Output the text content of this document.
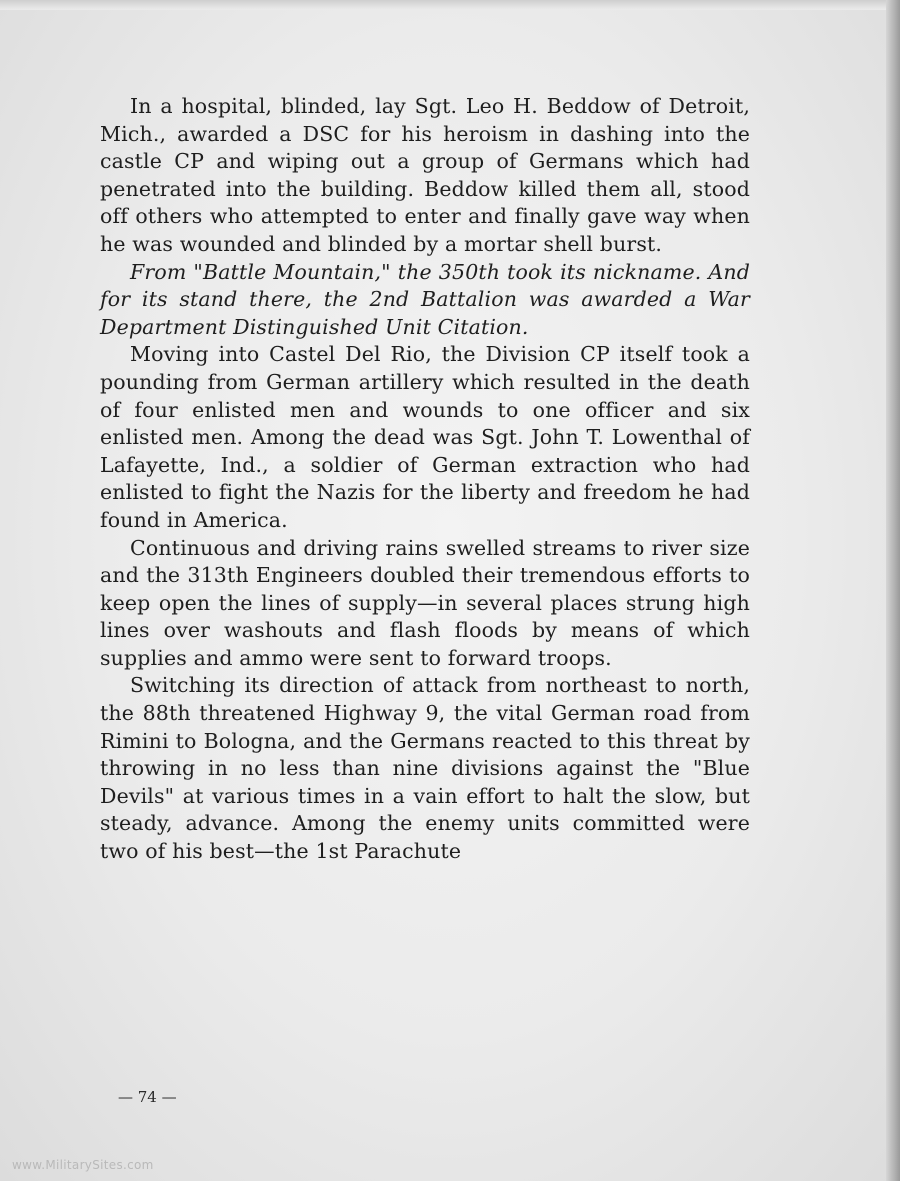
In a hospital, blinded, lay Sgt. Leo H. Beddow of Detroit, Mich., awarded a DSC for his heroism in dashing into the castle CP and wiping out a group of Germans which had penetrated into the building. Beddow killed them all, stood off others who attempted to enter and finally gave way when he was wounded and blinded by a mortar shell burst.

From "Battle Mountain," the 350th took its nickname. And for its stand there, the 2nd Battalion was awarded a War Department Distinguished Unit Citation.

Moving into Castel Del Rio, the Division CP itself took a pounding from German artillery which resulted in the death of four enlisted men and wounds to one officer and six enlisted men. Among the dead was Sgt. John T. Lowenthal of Lafayette, Ind., a soldier of German extraction who had enlisted to fight the Nazis for the liberty and freedom he had found in America.

Continuous and driving rains swelled streams to river size and the 313th Engineers doubled their tremendous efforts to keep open the lines of supply—in several places strung high lines over washouts and flash floods by means of which supplies and ammo were sent to forward troops.

Switching its direction of attack from northeast to north, the 88th threatened Highway 9, the vital German road from Rimini to Bologna, and the Germans reacted to this threat by throwing in no less than nine divisions against the "Blue Devils" at various times in a vain effort to halt the slow, but steady, advance. Among the enemy units committed were two of his best—the 1st Parachute

— 74 —
www.MilitarySites.com
